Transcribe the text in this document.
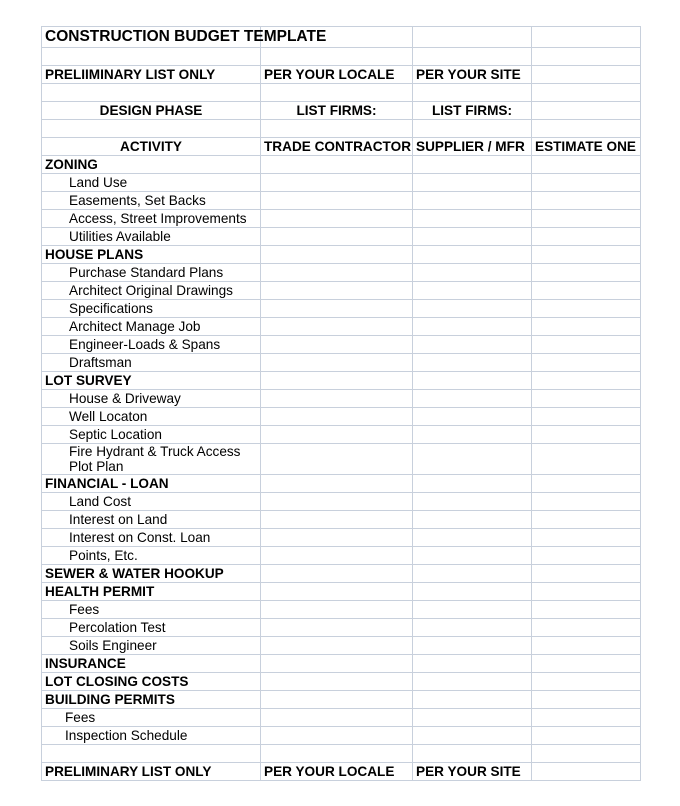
CONSTRUCTION BUDGET TEMPLATE			

PRELIIMINARY LIST ONLY	PER YOUR LOCALE	PER YOUR SITE	

DESIGN PHASE	LIST FIRMS:	LIST FIRMS:	

ACTIVITY	TRADE CONTRACTOR	SUPPLIER / MFR	ESTIMATE ONE
ZONING			
Land Use			
Easements, Set Backs			
Access, Street Improvements			
Utilities Available			
HOUSE PLANS			
Purchase Standard Plans			
Architect Original Drawings			
Specifications			
Architect Manage Job			
Engineer-Loads & Spans			
Draftsman			
LOT SURVEY			
House & Driveway			
Well Locaton			
Septic Location			

Fire Hydrant & Truck Access
Plot Plan			

FINANCIAL - LOAN			
Land Cost			
Interest on Land			
Interest on Const. Loan			
Points, Etc.			
SEWER & WATER HOOKUP			
HEALTH PERMIT			
Fees			
Percolation Test			
Soils Engineer			
INSURANCE			
LOT CLOSING COSTS			
BUILDING PERMITS			
Fees			
Inspection Schedule			

PRELIMINARY LIST ONLY	PER YOUR LOCALE	PER YOUR SITE	
